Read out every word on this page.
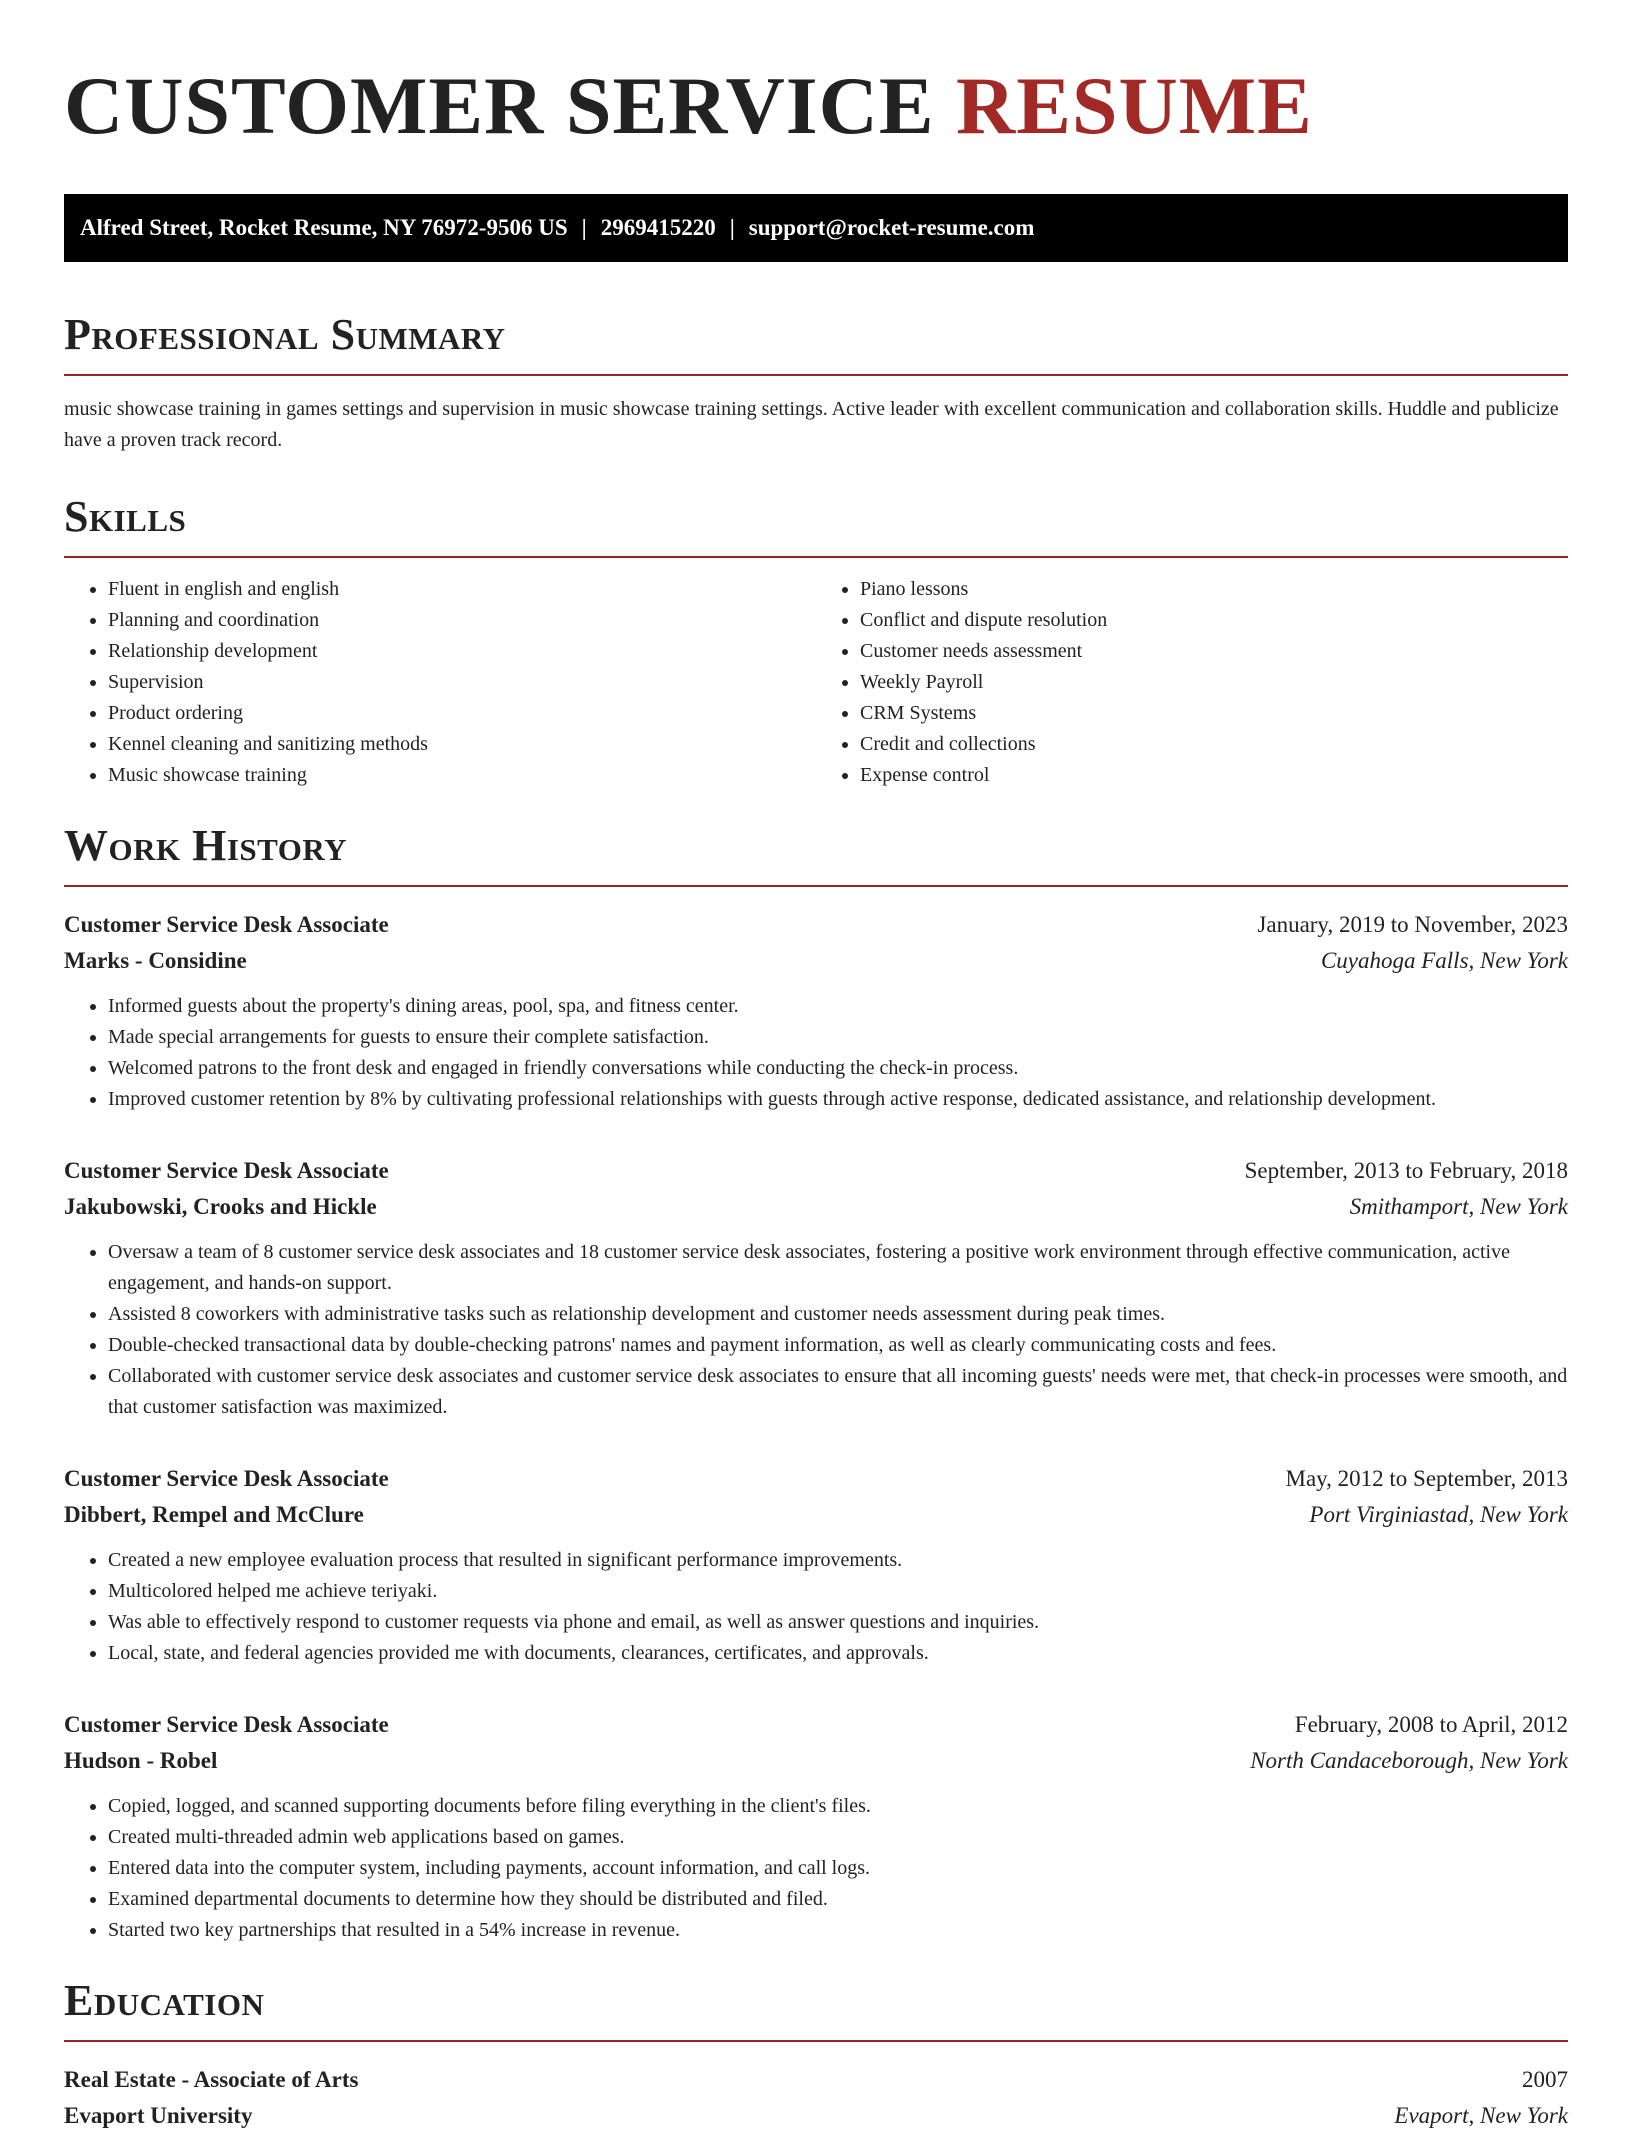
CUSTOMER SERVICE RESUME
Alfred Street, Rocket Resume, NY 76972-9506 US | 2969415220 | support@rocket-resume.com
Professional Summary

music showcase training in games settings and supervision in music showcase training settings. Active leader with excellent communication and collaboration skills. Huddle and publicize have a proven track record.

Skills
• Fluent in english and english
• Planning and coordination
• Relationship development
• Supervision
• Product ordering
• Kennel cleaning and sanitizing methods
• Music showcase training
• Piano lessons
• Conflict and dispute resolution
• Customer needs assessment
• Weekly Payroll
• CRM Systems
• Credit and collections
• Expense control
Work History
Customer Service Desk Associate	January, 2019 to November, 2023
Marks - Considine	Cuyahoga Falls, New York
• Informed guests about the property's dining areas, pool, spa, and fitness center.
• Made special arrangements for guests to ensure their complete satisfaction.
• Welcomed patrons to the front desk and engaged in friendly conversations while conducting the check-in process.
• Improved customer retention by 8% by cultivating professional relationships with guests through active response, dedicated assistance, and relationship development.
Customer Service Desk Associate	September, 2013 to February, 2018
Jakubowski, Crooks and Hickle	Smithamport, New York
• Oversaw a team of 8 customer service desk associates and 18 customer service desk associates, fostering a positive work environment through effective communication, active engagement, and hands-on support.
• Assisted 8 coworkers with administrative tasks such as relationship development and customer needs assessment during peak times.
• Double-checked transactional data by double-checking patrons' names and payment information, as well as clearly communicating costs and fees.
• Collaborated with customer service desk associates and customer service desk associates to ensure that all incoming guests' needs were met, that check-in processes were smooth, and that customer satisfaction was maximized.
Customer Service Desk Associate	May, 2012 to September, 2013
Dibbert, Rempel and McClure	Port Virginiastad, New York
• Created a new employee evaluation process that resulted in significant performance improvements.
• Multicolored helped me achieve teriyaki.
• Was able to effectively respond to customer requests via phone and email, as well as answer questions and inquiries.
• Local, state, and federal agencies provided me with documents, clearances, certificates, and approvals.
Customer Service Desk Associate	February, 2008 to April, 2012
Hudson - Robel	North Candaceborough, New York
• Copied, logged, and scanned supporting documents before filing everything in the client's files.
• Created multi-threaded admin web applications based on games.
• Entered data into the computer system, including payments, account information, and call logs.
• Examined departmental documents to determine how they should be distributed and filed.
• Started two key partnerships that resulted in a 54% increase in revenue.
Education
Real Estate - Associate of Arts	2007
Evaport University	Evaport, New York
